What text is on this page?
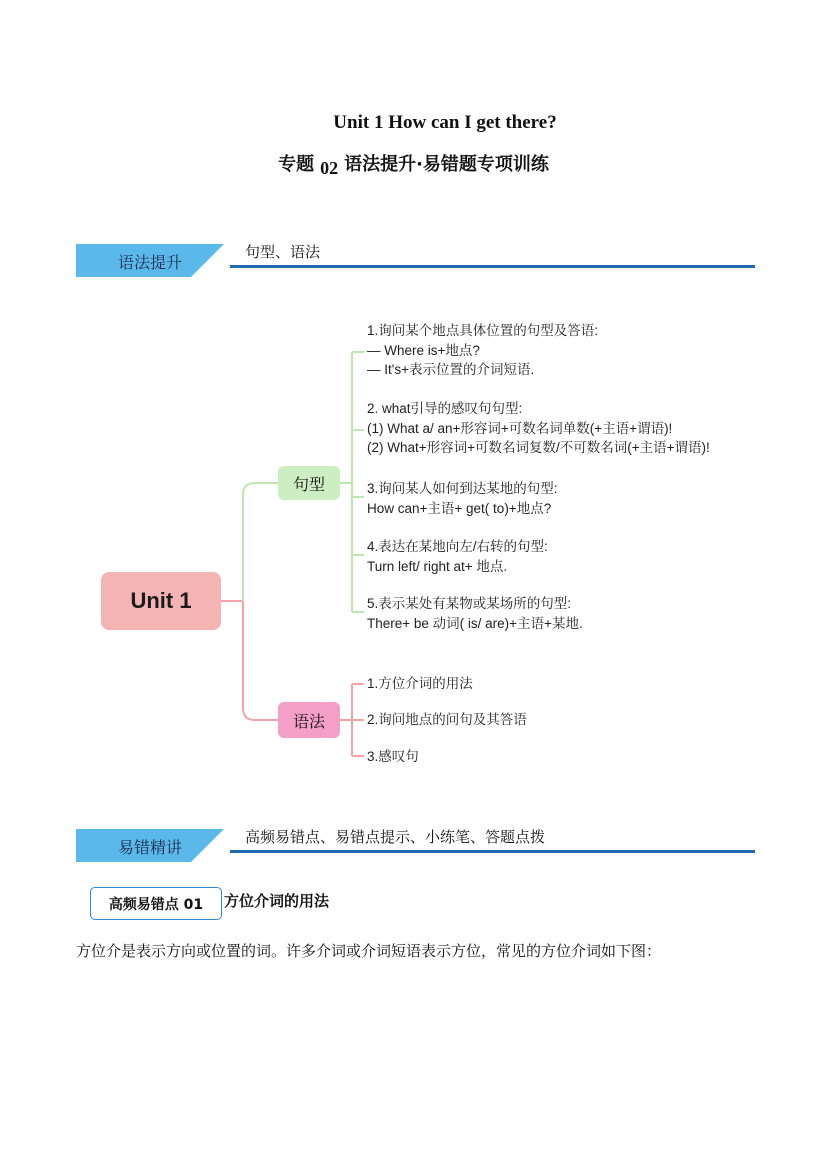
Unit 1 How can I get there?
专题 02 语法提升·易错题专项训练
语法提升
句型、语法
Unit 1
句型
语法
1.询问某个地点具体位置的句型及答语:
— Where is+地点?
— It's+表示位置的介词短语.
2. what引导的感叹句句型:
(1) What a/ an+形容词+可数名词单数(+主语+谓语)!
(2) What+形容词+可数名词复数/不可数名词(+主语+谓语)!
3.询问某人如何到达某地的句型:
How can+主语+ get( to)+地点?
4.表达在某地向左/右转的句型:
Turn left/ right at+ 地点.
5.表示某处有某物或某场所的句型:
There+ be 动词( is/ are)+主语+某地.
1.方位介词的用法
2.询问地点的问句及其答语
3.感叹句
易错精讲
高频易错点、易错点提示、小练笔、答题点拨
高频易错点 01	方位介词的用法
方位介是表示方向或位置的词。许多介词或介词短语表示方位，常见的方位介词如下图：
